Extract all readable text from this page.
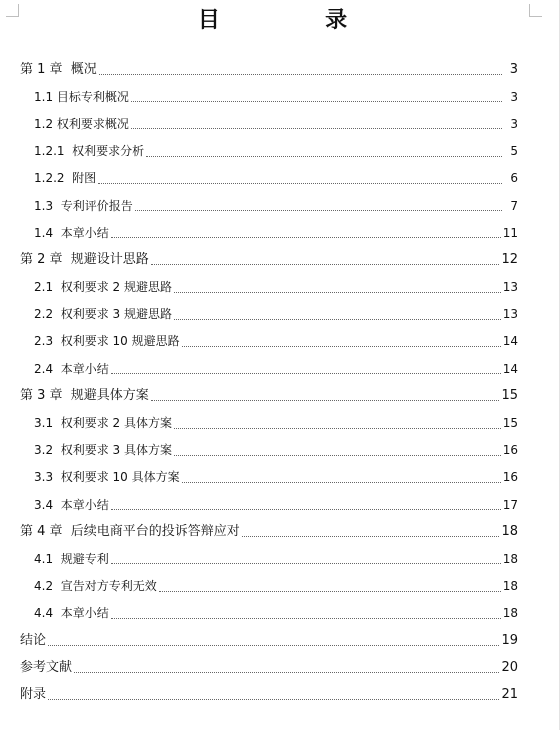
目  录
第 1 章  概况	3
1.1 目标专利概况	3
1.2 权利要求概况	3
1.2.1  权利要求分析	5
1.2.2  附图	6
1.3  专利评价报告	7
1.4  本章小结	11
第 2 章  规避设计思路	12
2.1  权利要求 2 规避思路	13
2.2  权利要求 3 规避思路	13
2.3  权利要求 10 规避思路	14
2.4  本章小结	14
第 3 章  规避具体方案	15
3.1  权利要求 2 具体方案	15
3.2  权利要求 3 具体方案	16
3.3  权利要求 10 具体方案	16
3.4  本章小结	17
第 4 章  后续电商平台的投诉答辩应对	18
4.1  规避专利	18
4.2  宣告对方专利无效	18
4.4  本章小结	18
结论	19
参考文献	20
附录	21
